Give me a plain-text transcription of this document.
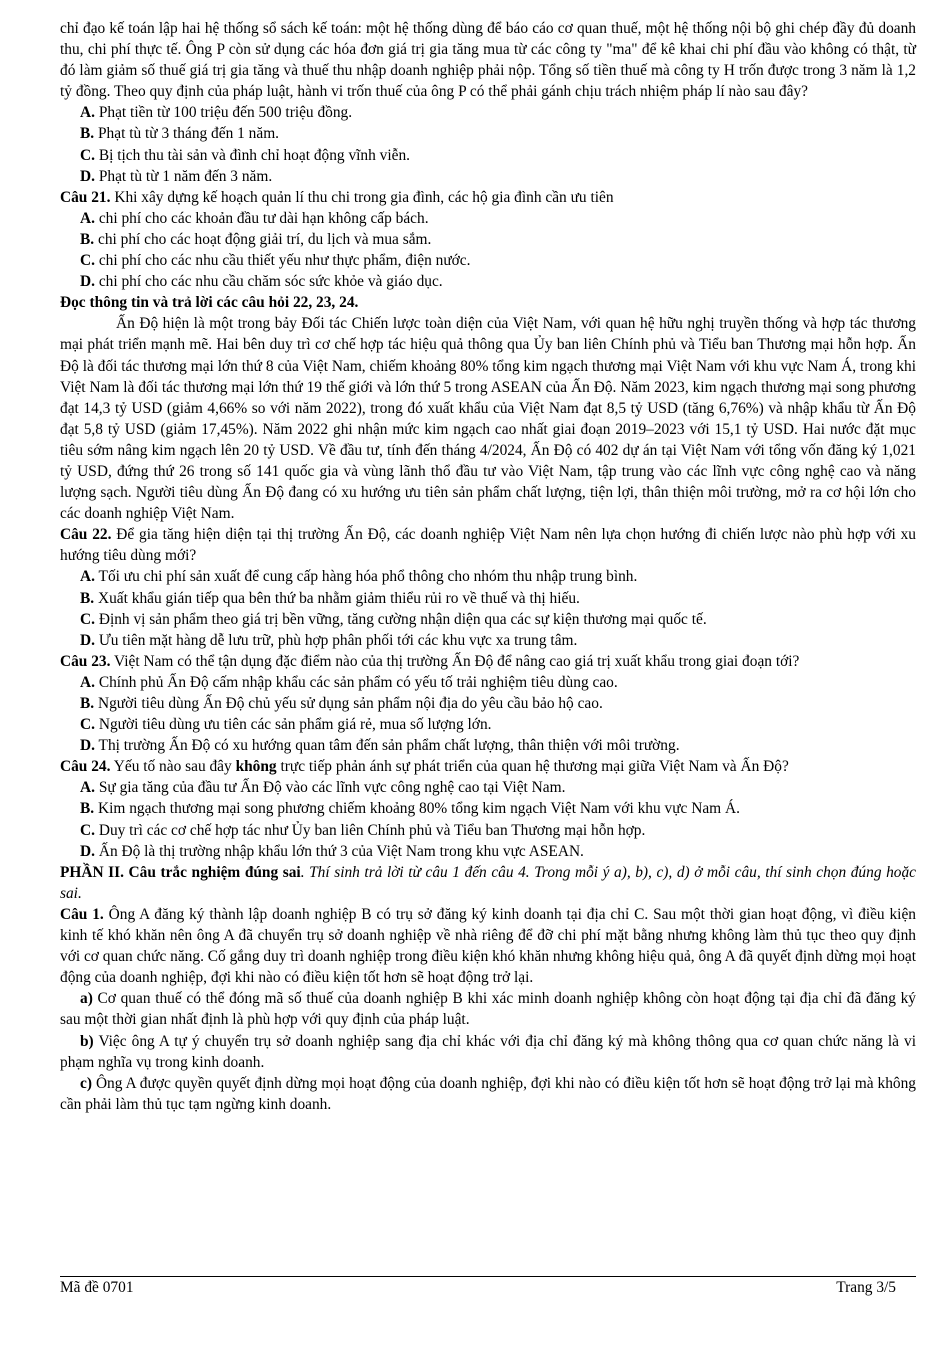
chỉ đạo kế toán lập hai hệ thống sổ sách kế toán: một hệ thống dùng để báo cáo cơ quan thuế, một hệ thống nội bộ ghi chép đầy đủ doanh thu, chi phí thực tế. Ông P còn sử dụng các hóa đơn giá trị gia tăng mua từ các công ty "ma" để kê khai chi phí đầu vào không có thật, từ đó làm giảm số thuế giá trị gia tăng và thuế thu nhập doanh nghiệp phải nộp. Tổng số tiền thuế mà công ty H trốn được trong 3 năm là 1,2 tỷ đồng. Theo quy định của pháp luật, hành vi trốn thuế của ông P có thể phải gánh chịu trách nhiệm pháp lí nào sau đây?

A. Phạt tiền từ 100 triệu đến 500 triệu đồng.

B. Phạt tù từ 3 tháng đến 1 năm.

C. Bị tịch thu tài sản và đình chỉ hoạt động vĩnh viễn.

D. Phạt tù từ 1 năm đến 3 năm.

Câu 21. Khi xây dựng kế hoạch quản lí thu chi trong gia đình, các hộ gia đình cần ưu tiên

A. chi phí cho các khoản đầu tư dài hạn không cấp bách.

B. chi phí cho các hoạt động giải trí, du lịch và mua sắm.

C. chi phí cho các nhu cầu thiết yếu như thực phẩm, điện nước.

D. chi phí cho các nhu cầu chăm sóc sức khỏe và giáo dục.

Đọc thông tin và trả lời các câu hỏi 22, 23, 24.

Ấn Độ hiện là một trong bảy Đối tác Chiến lược toàn diện của Việt Nam, với quan hệ hữu nghị truyền thống và hợp tác thương mại phát triển mạnh mẽ. Hai bên duy trì cơ chế hợp tác hiệu quả thông qua Ủy ban liên Chính phủ và Tiểu ban Thương mại hỗn hợp. Ấn Độ là đối tác thương mại lớn thứ 8 của Việt Nam, chiếm khoảng 80% tổng kim ngạch thương mại Việt Nam với khu vực Nam Á, trong khi Việt Nam là đối tác thương mại lớn thứ 19 thế giới và lớn thứ 5 trong ASEAN của Ấn Độ. Năm 2023, kim ngạch thương mại song phương đạt 14,3 tỷ USD (giảm 4,66% so với năm 2022), trong đó xuất khẩu của Việt Nam đạt 8,5 tỷ USD (tăng 6,76%) và nhập khẩu từ Ấn Độ đạt 5,8 tỷ USD (giảm 17,45%). Năm 2022 ghi nhận mức kim ngạch cao nhất giai đoạn 2019–2023 với 15,1 tỷ USD. Hai nước đặt mục tiêu sớm nâng kim ngạch lên 20 tỷ USD. Về đầu tư, tính đến tháng 4/2024, Ấn Độ có 402 dự án tại Việt Nam với tổng vốn đăng ký 1,021 tỷ USD, đứng thứ 26 trong số 141 quốc gia và vùng lãnh thổ đầu tư vào Việt Nam, tập trung vào các lĩnh vực công nghệ cao và năng lượng sạch. Người tiêu dùng Ấn Độ đang có xu hướng ưu tiên sản phẩm chất lượng, tiện lợi, thân thiện môi trường, mở ra cơ hội lớn cho các doanh nghiệp Việt Nam.

Câu 22. Để gia tăng hiện diện tại thị trường Ấn Độ, các doanh nghiệp Việt Nam nên lựa chọn hướng đi chiến lược nào phù hợp với xu hướng tiêu dùng mới?

A. Tối ưu chi phí sản xuất để cung cấp hàng hóa phổ thông cho nhóm thu nhập trung bình.

B. Xuất khẩu gián tiếp qua bên thứ ba nhằm giảm thiểu rủi ro về thuế và thị hiếu.

C. Định vị sản phẩm theo giá trị bền vững, tăng cường nhận diện qua các sự kiện thương mại quốc tế.

D. Ưu tiên mặt hàng dễ lưu trữ, phù hợp phân phối tới các khu vực xa trung tâm.

Câu 23. Việt Nam có thể tận dụng đặc điểm nào của thị trường Ấn Độ để nâng cao giá trị xuất khẩu trong giai đoạn tới?

A. Chính phủ Ấn Độ cấm nhập khẩu các sản phẩm có yếu tố trải nghiệm tiêu dùng cao.

B. Người tiêu dùng Ấn Độ chủ yếu sử dụng sản phẩm nội địa do yêu cầu bảo hộ cao.

C. Người tiêu dùng ưu tiên các sản phẩm giá rẻ, mua số lượng lớn.

D. Thị trường Ấn Độ có xu hướng quan tâm đến sản phẩm chất lượng, thân thiện với môi trường.

Câu 24. Yếu tố nào sau đây không trực tiếp phản ánh sự phát triển của quan hệ thương mại giữa Việt Nam và Ấn Độ?

A. Sự gia tăng của đầu tư Ấn Độ vào các lĩnh vực công nghệ cao tại Việt Nam.

B. Kim ngạch thương mại song phương chiếm khoảng 80% tổng kim ngạch Việt Nam với khu vực Nam Á.

C. Duy trì các cơ chế hợp tác như Ủy ban liên Chính phủ và Tiểu ban Thương mại hỗn hợp.

D. Ấn Độ là thị trường nhập khẩu lớn thứ 3 của Việt Nam trong khu vực ASEAN.

PHẦN II. Câu trắc nghiệm đúng sai. Thí sinh trả lời từ câu 1 đến câu 4. Trong mỗi ý a), b), c), d) ở mỗi câu, thí sinh chọn đúng hoặc sai.

Câu 1. Ông A đăng ký thành lập doanh nghiệp B có trụ sở đăng ký kinh doanh tại địa chỉ C. Sau một thời gian hoạt động, vì điều kiện kinh tế khó khăn nên ông A đã chuyển trụ sở doanh nghiệp về nhà riêng để đỡ chi phí mặt bằng nhưng không làm thủ tục theo quy định với cơ quan chức năng. Cố gắng duy trì doanh nghiệp trong điều kiện khó khăn nhưng không hiệu quả, ông A đã quyết định dừng mọi hoạt động của doanh nghiệp, đợi khi nào có điều kiện tốt hơn sẽ hoạt động trở lại.

a) Cơ quan thuế có thể đóng mã số thuế của doanh nghiệp B khi xác minh doanh nghiệp không còn hoạt động tại địa chỉ đã đăng ký sau một thời gian nhất định là phù hợp với quy định của pháp luật.

b) Việc ông A tự ý chuyển trụ sở doanh nghiệp sang địa chỉ khác với địa chỉ đăng ký mà không thông qua cơ quan chức năng là vi phạm nghĩa vụ trong kinh doanh.

c) Ông A được quyền quyết định dừng mọi hoạt động của doanh nghiệp, đợi khi nào có điều kiện tốt hơn sẽ hoạt động trở lại mà không cần phải làm thủ tục tạm ngừng kinh doanh.

Mã đề 0701	Trang 3/5
